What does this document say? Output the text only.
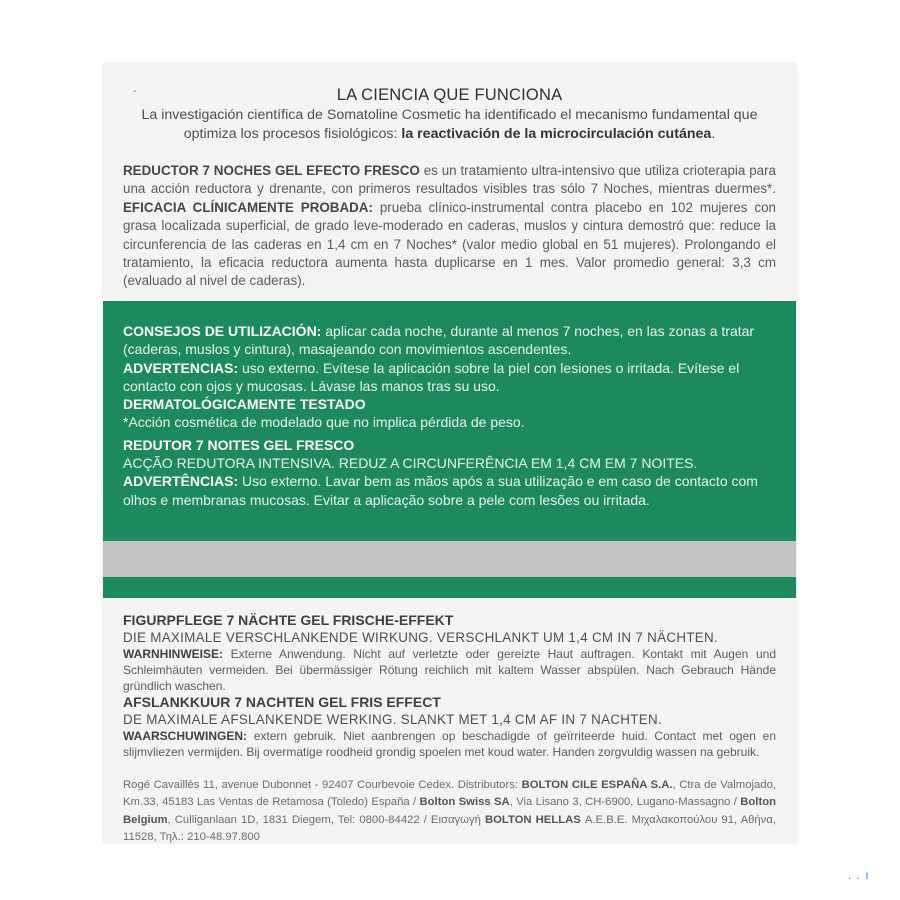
-	LA CIENCIA QUE FUNCIONA
La investigación científica de Somatoline Cosmetic ha identificado el mecanismo fundamental que optimiza los procesos fisiológicos: la reactivación de la microcirculación cutánea.
REDUCTOR 7 NOCHES GEL EFECTO FRESCO es un tratamiento ultra-intensivo que utiliza crioterapia para una acción reductora y drenante, con primeros resultados visibles tras sólo 7 Noches, mientras duermes*. EFICACIA CLÍNICAMENTE PROBADA: prueba clínico-instrumental contra placebo en 102 mujeres con grasa localizada superficial, de grado leve-moderado en caderas, muslos y cintura demostró que: reduce la circunferencia de las caderas en 1,4 cm en 7 Noches* (valor medio global en 51 mujeres). Prolongando el tratamiento, la eficacia reductora aumenta hasta duplicarse en 1 mes. Valor promedio general: 3,3 cm (evaluado al nivel de caderas).
CONSEJOS DE UTILIZACIÓN: aplicar cada noche, durante al menos 7 noches, en las zonas a tratar (caderas, muslos y cintura), masajeando con movimientos ascendentes.
ADVERTENCIAS: uso externo. Evítese la aplicación sobre la piel con lesiones o irritada. Evítese el contacto con ojos y mucosas. Lávase las manos tras su uso.
DERMATOLÓGICAMENTE TESTADO
*Acción cosmética de modelado que no implica pérdida de peso.
REDUTOR 7 NOITES GEL FRESCO
ACÇÃO REDUTORA INTENSIVA. REDUZ A CIRCUNFERÊNCIA EM 1,4 CM EM 7 NOITES.
ADVERTÊNCIAS: Uso externo. Lavar bem as mãos após a sua utilização e em caso de contacto com olhos e membranas mucosas. Evitar a aplicação sobre a pele com lesões ou irritada.
FIGURPFLEGE 7 NÄCHTE GEL FRISCHE-EFFEKT
DIE MAXIMALE VERSCHLANKENDE WIRKUNG. VERSCHLANKT UM 1,4 CM IN 7 NÄCHTEN.
WARNHINWEISE: Externe Anwendung. Nicht auf verletzte oder gereizte Haut auftragen. Kontakt mit Augen und Schleimhäuten vermeiden. Bei übermässiger Rötung reichlich mit kaltem Wasser abspülen. Nach Gebrauch Hände gründlich waschen.
AFSLANKKUUR 7 NACHTEN GEL FRIS EFFECT
DE MAXIMALE AFSLANKENDE WERKING. SLANKT MET 1,4 CM AF IN 7 NACHTEN.
WAARSCHUWINGEN: extern gebruik. Niet aanbrengen op beschadigde of geïrriteerde huid. Contact met ogen en slijmvliezen vermijden. Bij overmatige roodheid grondig spoelen met koud water. Handen zorgvuldig wassen na gebruik.
Rogé Cavaillès 11, avenue Dubonnet - 92407 Courbevoie Cedex. Distributors: BOLTON CILE ESPAÑA S.A., Ctra de Valmojado, Km.33, 45183 Las Ventas de Retamosa (Toledo) España / Bolton Swiss SA, Via Lisano 3, CH-6900, Lugano-Massagno / Bolton Belgium, Culliganlaan 1D, 1831 Diegem, Tel: 0800-84422 / Εισαγωγή BOLTON HELLAS Α.Ε.Β.Ε. Μιχαλακοπούλου 91, Αθήνα, 11528, Τηλ.: 210-48.97.800
. . ı
